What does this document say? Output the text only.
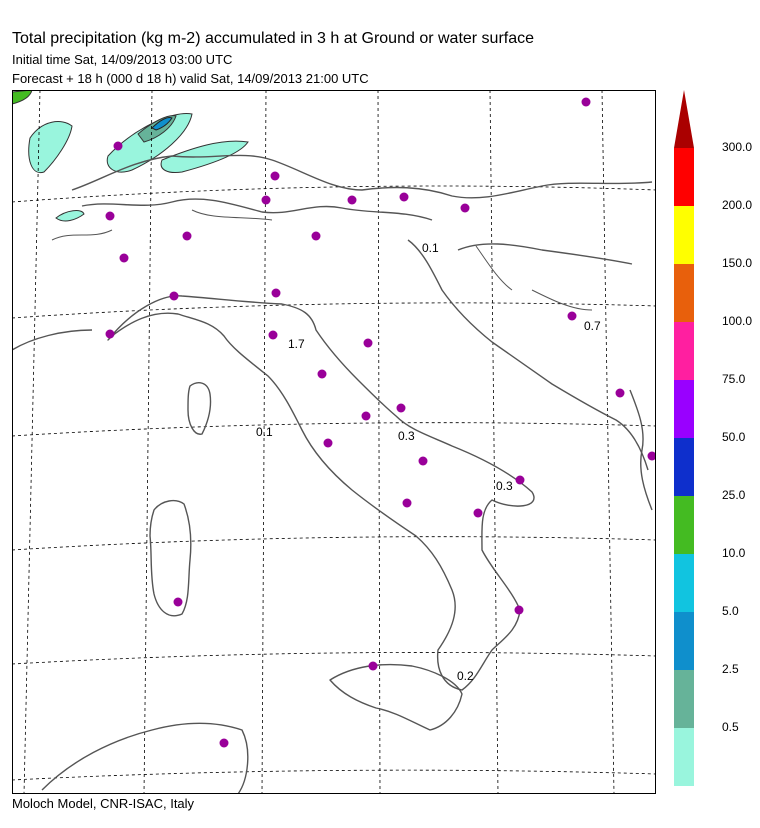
Total precipitation (kg m-2) accumulated in 3 h at Ground or water surface
Initial time Sat, 14/09/2013 03:00 UTC
Forecast + 18 h (000 d 18 h) valid Sat, 14/09/2013 21:00 UTC
0.1
0.7
1.7
0.1	0.3
0.3
0.2
300.0
200.0
150.0
100.0
75.0
50.0
25.0
10.0
5.0
2.5
0.5
Moloch Model, CNR-ISAC, Italy
